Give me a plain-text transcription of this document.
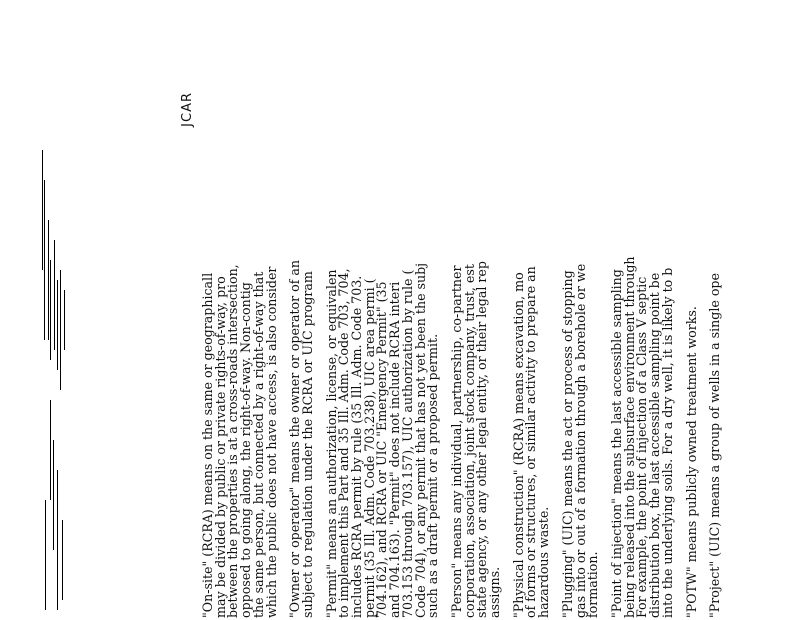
JCAR

"On-site" (RCRA) means on the same or geographicall

may be divided by public or private rights-of-way, pro

between the properties is at a cross-roads intersection,

opposed to going along, the right-of-way. Non-contig

the same person, but connected by a right-of-way that

which the public does not have access, is also consider "Owner or operator" means the owner or operator of an

subject to regulation under the RCRA or UIC program "Permit" means an authorization, license, or equivalen

to implement this Part and 35 Ill. Adm. Code 703, 704,

includes RCRA permit by rule (35 Ill. Adm. Code 703.

permit (35 Ill. Adm. Code 703.238), UIC area permi (

704.162), and RCRA or UIC "Emergency Permit" (35

and 704.163). "Permit" does not include RCRA interi

703.153 through 703.157), UIC authorization by rule (

Code 704), or any permit that has not yet been the subj

such as a draft permit or a proposed permit. "Person" means any individual, partnership, co-partner

corporation, association, joint stock company, trust, est

state agency, or any other legal entity, or their legal rep

assigns. "Physical construction" (RCRA) means excavation, mo

of forms or structures, or similar activity to prepare an

hazardous waste. "Plugging" (UIC) means the act or process of stopping

gas into or out of a formation through a borehole or we

formation. "Point of injection" means the last accessible sampling

being released into the subsurface environment through

For example, the point of injection of a Class V septic

distribution box, the last accessible sampling point be

into the underlying soils. For a dry well, it is likely to b "POTW" means publicly owned treatment works. "Project" (UIC) means a group of wells in a single ope
